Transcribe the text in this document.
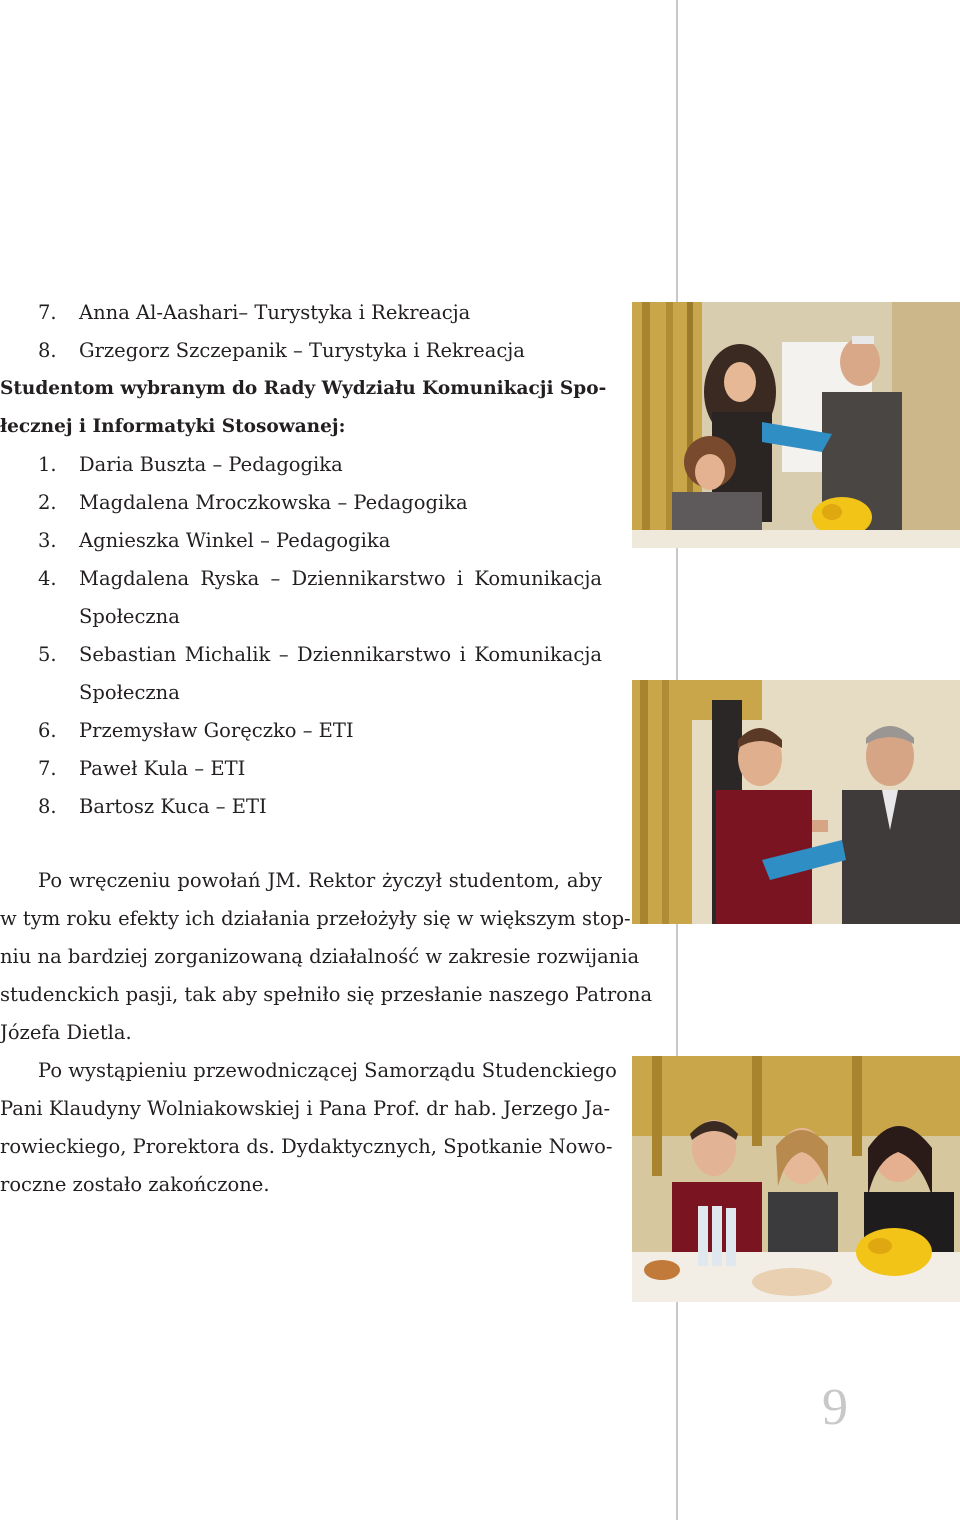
7. Anna Al-Aashari– Turystyka i Rekreacja
8. Grzegorz Szczepanik – Turystyka i Rekreacja
Studentom wybranym do Rady Wydziału Komunikacji Spo-
łecznej i Informatyki Stosowanej:
1. Daria Buszta – Pedagogika
2. Magdalena Mroczkowska – Pedagogika
3. Agnieszka Winkel – Pedagogika
4. Magdalena Ryska – Dziennikarstwo i Komunikacja
Społeczna
5. Sebastian Michalik – Dziennikarstwo i Komunikacja
Społeczna
6. Przemysław Goręczko – ETI
7. Paweł Kula – ETI
8. Bartosz Kuca – ETI
Po wręczeniu powołań JM. Rektor życzył studentom, aby
w tym roku efekty ich działania przełożyły się w większym stop-
niu na bardziej zorganizowaną działalność w zakresie rozwijania
studenckich pasji, tak aby spełniło się przesłanie naszego Patrona
Józefa Dietla.
Po wystąpieniu przewodniczącej Samorządu Studenckiego
Pani Klaudyny Wolniakowskiej i Pana Prof. dr hab. Jerzego Ja-
rowieckiego, Prorektora ds. Dydaktycznych, Spotkanie Nowo-
roczne zostało zakończone.
9
